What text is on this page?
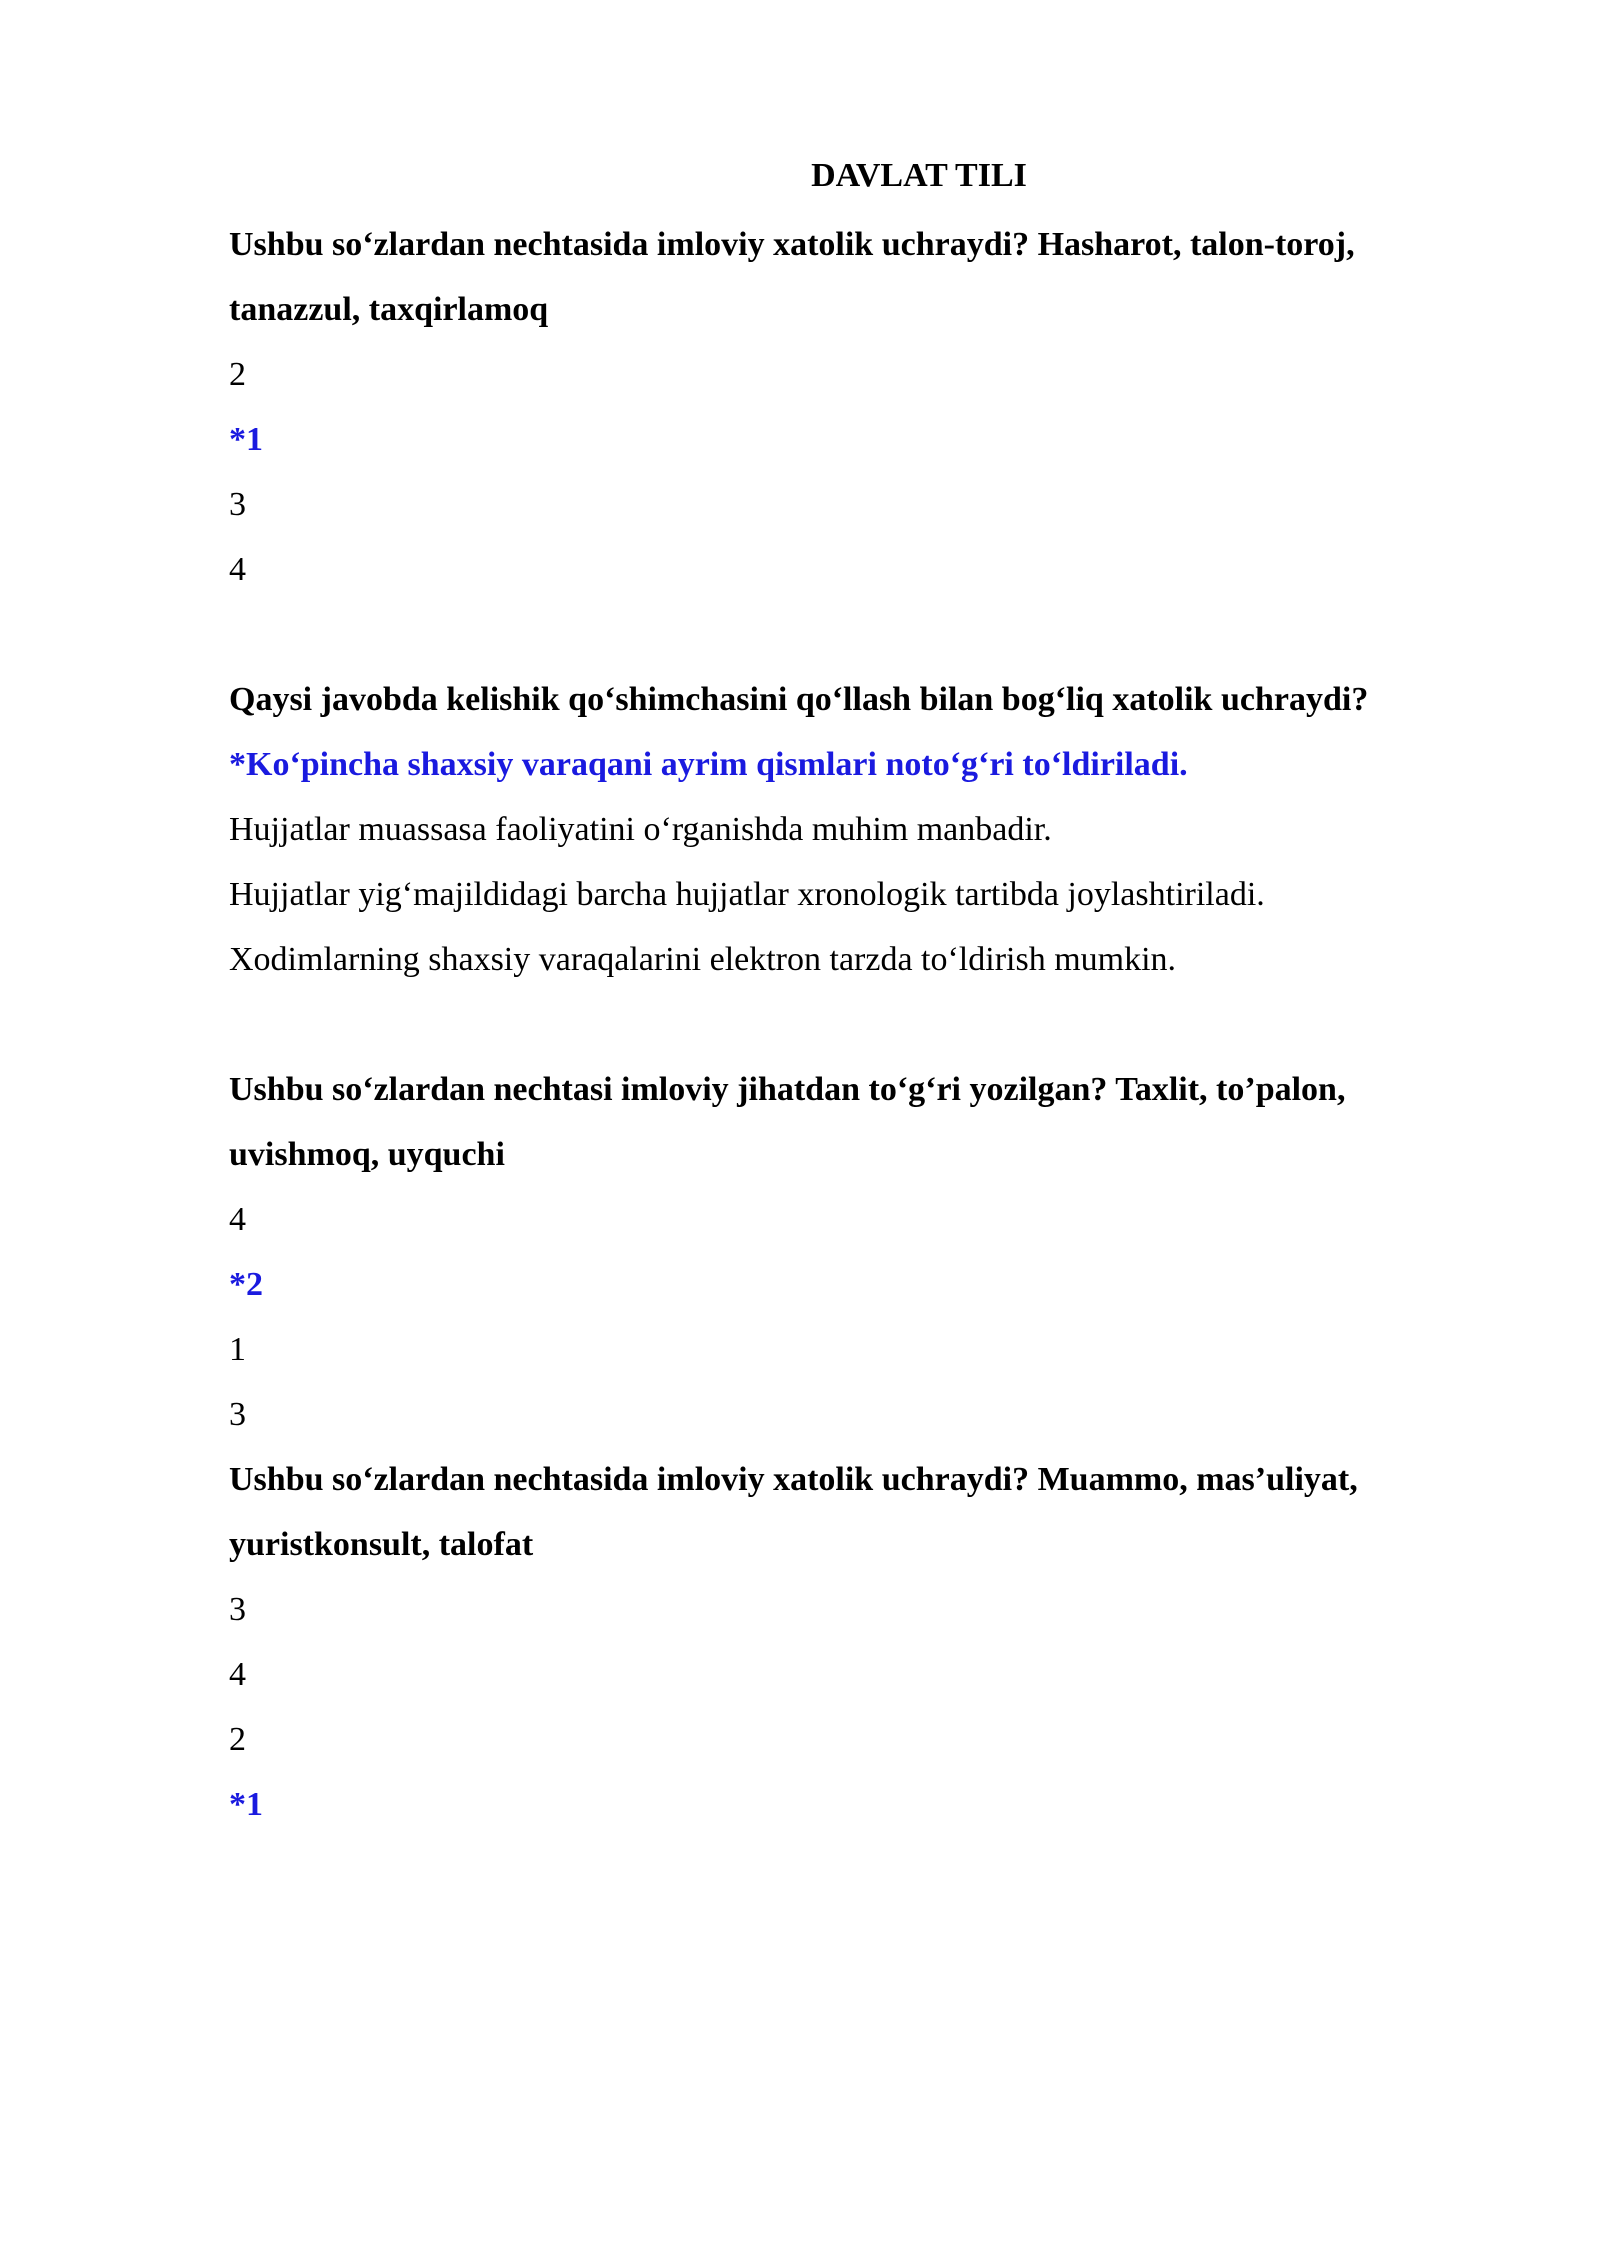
DAVLAT TILI

Ushbu so‘zlardan nechtasida imloviy xatolik uchraydi? Hasharot, talon-toroj, tanazzul, taxqirlamoq

2
*1
3
4

Qaysi javobda kelishik qo‘shimchasini qo‘llash bilan bog‘liq xatolik uchraydi?

*Ko‘pincha shaxsiy varaqani ayrim qismlari noto‘g‘ri to‘ldiriladi.
Hujjatlar muassasa faoliyatini o‘rganishda muhim manbadir.
Hujjatlar yig‘majildidagi barcha hujjatlar xronologik tartibda joylashtiriladi.
Xodimlarning shaxsiy varaqalarini elektron tarzda to‘ldirish mumkin.

Ushbu so‘zlardan nechtasi imloviy jihatdan to‘g‘ri yozilgan? Taxlit, to’palon, uvishmoq, uyquchi

4
*2
1
3

Ushbu so‘zlardan nechtasida imloviy xatolik uchraydi? Muammo, mas’uliyat, yuristkonsult, talofat

3
4
2
*1
